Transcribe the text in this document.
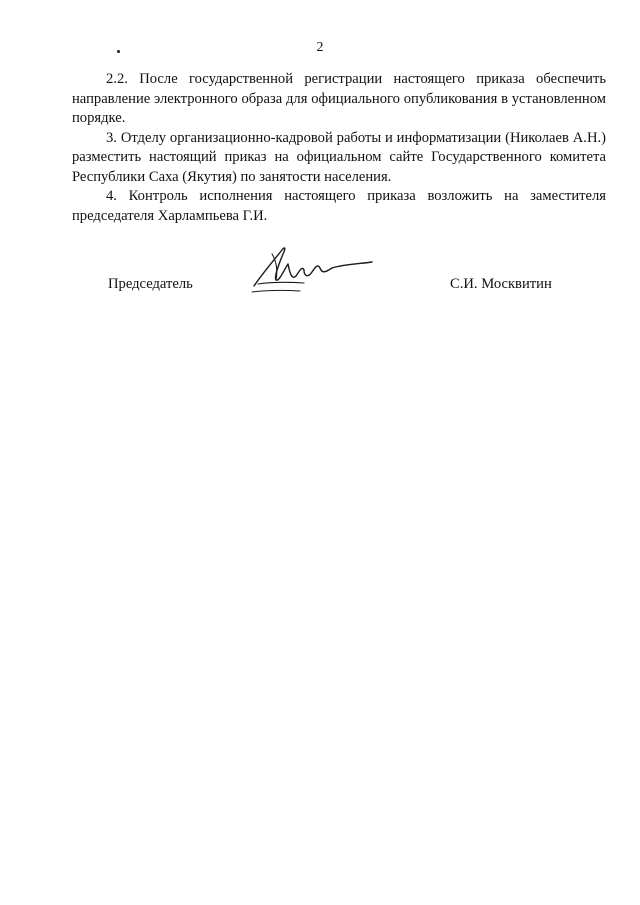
2

2.2. После государственной регистрации настоящего приказа обеспечить направление электронного образа для официального опубликования в установленном порядке.

3. Отделу организационно-кадровой работы и информатизации (Николаев А.Н.) разместить настоящий приказ на официальном сайте Государственного комитета Республики Саха (Якутия) по занятости населения.

4. Контроль исполнения настоящего приказа возложить на заместителя председателя Харлампьева Г.И.

Председатель	С.И. Москвитин
